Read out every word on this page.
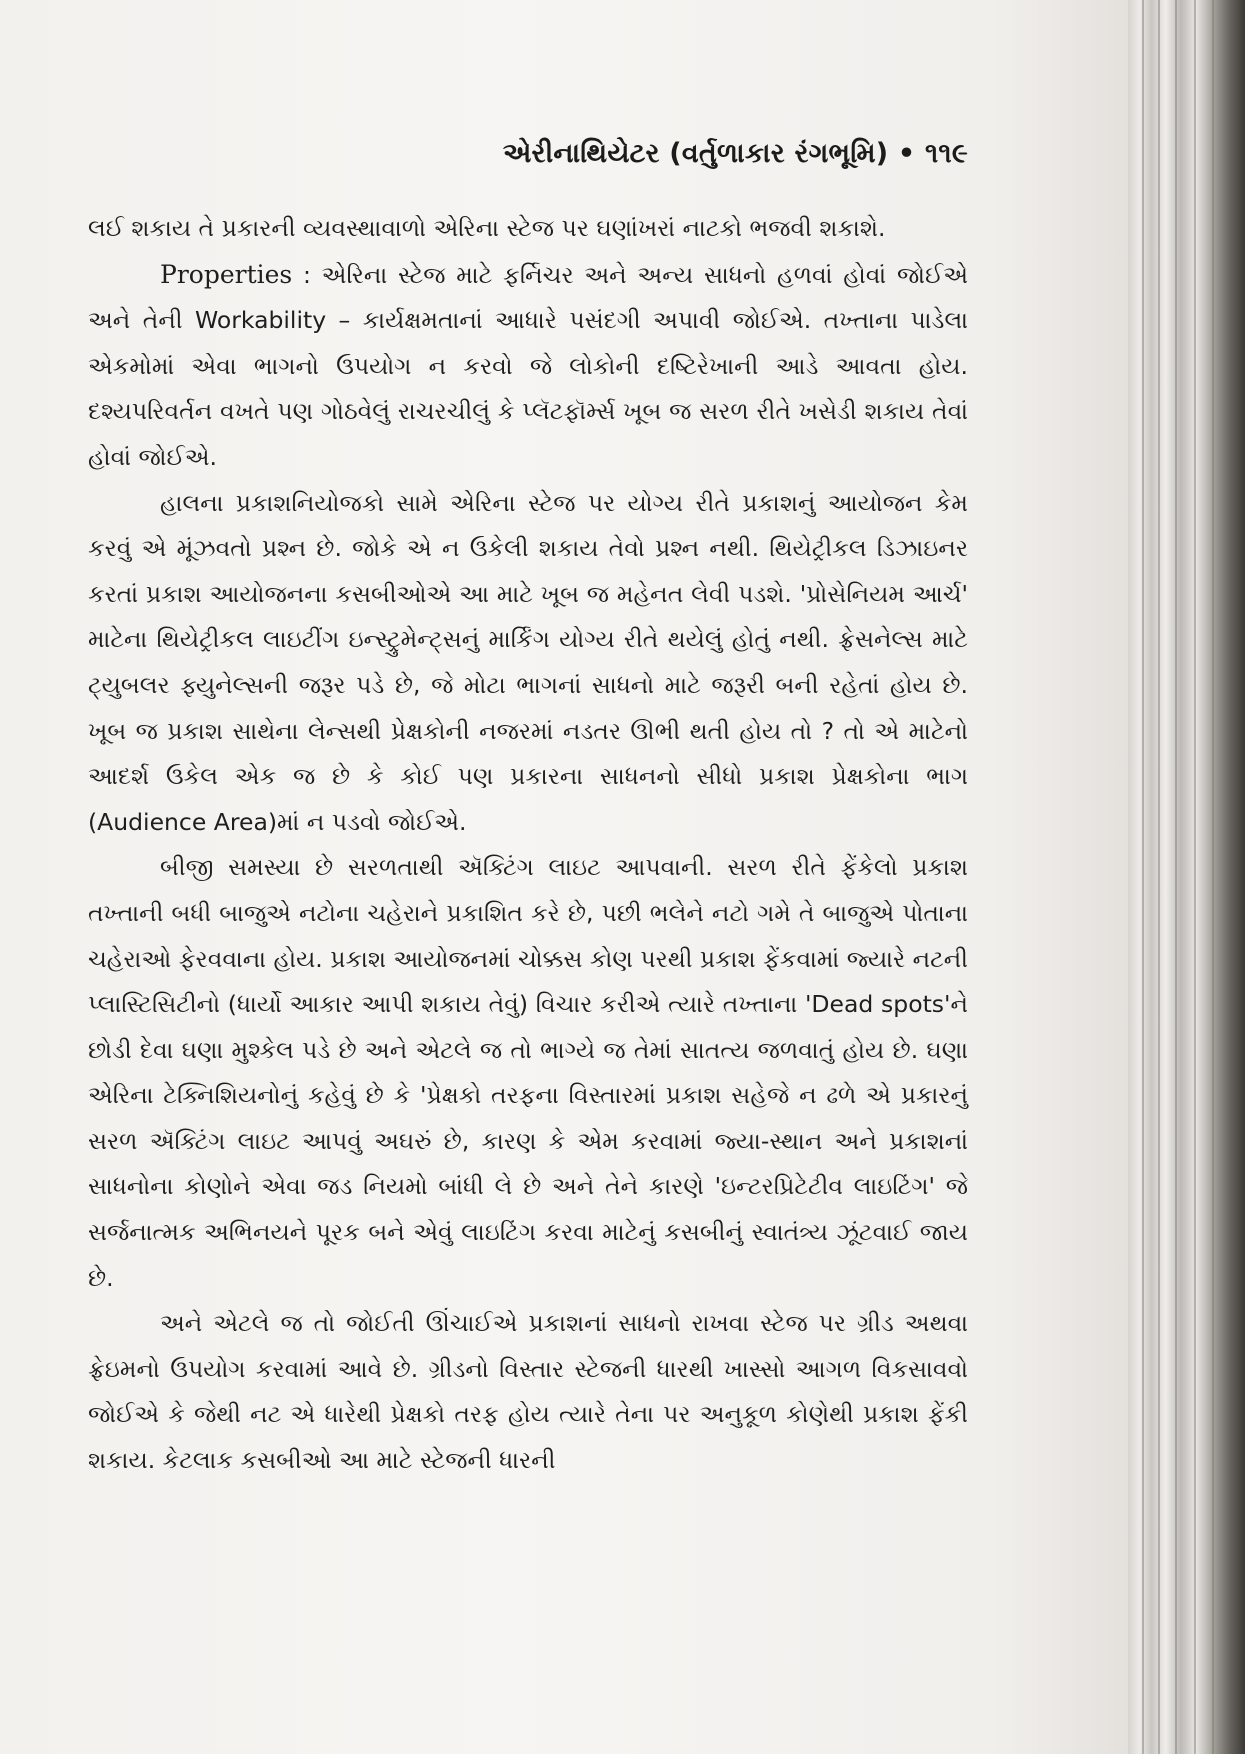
એરીનાથિયેટર (વર્તુળાકાર રંગભૂમિ) • ૧૧૯

લઈ શકાય તે પ્રકારની વ્યવસ્થાવાળો એરિના સ્ટેજ પર ઘણાંખરાં નાટકો ભજવી શકાશે.

Properties : એરિના સ્ટેજ માટે ફર્નિચર અને અન્ય સાધનો હળવાં હોવાં જોઈએ અને તેની Workability – કાર્યક્ષમતાનાં આધારે પસંદગી અપાવી જોઈએ. તખ્તાના પાડેલા એકમોમાં એવા ભાગનો ઉપયોગ ન કરવો જે લોકોની દષ્ટિરેખાની આડે આવતા હોય. દશ્યપરિવર્તન વખતે પણ ગોઠવેલું રાચરચીલું કે પ્લૅટફૉર્મ્સ ખૂબ જ સરળ રીતે ખસેડી શકાય તેવાં હોવાં જોઈએ.

હાલના પ્રકાશનિયોજકો સામે એરિના સ્ટેજ પર યોગ્ય રીતે પ્રકાશનું આયોજન કેમ કરવું એ મૂંઝવતો પ્રશ્ન છે. જોકે એ ન ઉકેલી શકાય તેવો પ્રશ્ન નથી. થિયેટ્રીકલ ડિઝાઇનર કરતાં પ્રકાશ આયોજનના કસબીઓએ આ માટે ખૂબ જ મહેનત લેવી પડશે. 'પ્રોસેનિયમ આર્ચ' માટેના થિયેટ્રીકલ લાઇટીંગ ઇન્સ્ટ્રુમેન્ટ્સનું માર્કિંગ યોગ્ય રીતે થયેલું હોતું નથી. ફ્રેસનેલ્સ માટે ટ્યુબલર ફ્યુનેલ્સની જરૂર પડે છે, જે મોટા ભાગનાં સાધનો માટે જરૂરી બની રહેતાં હોય છે. ખૂબ જ પ્રકાશ સાથેના લેન્સથી પ્રેક્ષકોની નજરમાં નડતર ઊભી થતી હોય તો ? તો એ માટેનો આદર્શ ઉકેલ એક જ છે કે કોઈ પણ પ્રકારના સાધનનો સીધો પ્રકાશ પ્રેક્ષકોના ભાગ (Audience Area)માં ન પડવો જોઈએ.

બીજી સમસ્યા છે સરળતાથી ઍક્ટિંગ લાઇટ આપવાની. સરળ રીતે ફેંકેલો પ્રકાશ તખ્તાની બધી બાજુએ નટોના ચહેરાને પ્રકાશિત કરે છે, પછી ભલેને નટો ગમે તે બાજુએ પોતાના ચહેરાઓ ફેરવવાના હોય. પ્રકાશ આયોજનમાં ચોક્કસ કોણ પરથી પ્રકાશ ફેંકવામાં જ્યારે નટની પ્લાસ્ટિસિટીનો (ધાર્યો આકાર આપી શકાય તેવું) વિચાર કરીએ ત્યારે તખ્તાના 'Dead spots'ને છોડી દેવા ઘણા મુશ્કેલ પડે છે અને એટલે જ તો ભાગ્યે જ તેમાં સાતત્ય જળવાતું હોય છે. ઘણા એરિના ટેક્નિશિયનોનું કહેવું છે કે 'પ્રેક્ષકો તરફના વિસ્તારમાં પ્રકાશ સહેજે ન ઢળે એ પ્રકારનું સરળ ઍક્ટિંગ લાઇટ આપવું અઘરું છે, કારણ કે એમ કરવામાં જ્યા-સ્થાન અને પ્રકાશનાં સાધનોના કોણોને એવા જડ નિયમો બાંધી લે છે અને તેને કારણે 'ઇન્ટરપ્રિટેટીવ લાઇટિંગ' જે સર્જનાત્મક અભિનયને પૂરક બને એવું લાઇટિંગ કરવા માટેનું કસબીનું સ્વાતંત્ર્ય ઝૂંટવાઈ જાય છે.

અને એટલે જ તો જોઈતી ઊંચાઈએ પ્રકાશનાં સાધનો રાખવા સ્ટેજ પર ગ્રીડ અથવા ફ્રેઇમનો ઉપયોગ કરવામાં આવે છે. ગ્રીડનો વિસ્તાર સ્ટેજની ધારથી ખાસ્સો આગળ વિકસાવવો જોઈએ કે જેથી નટ એ ધારેથી પ્રેક્ષકો તરફ હોય ત્યારે તેના પર અનુકૂળ કોણેથી પ્રકાશ ફેંકી શકાય. કેટલાક કસબીઓ આ માટે સ્ટેજની ધારની
